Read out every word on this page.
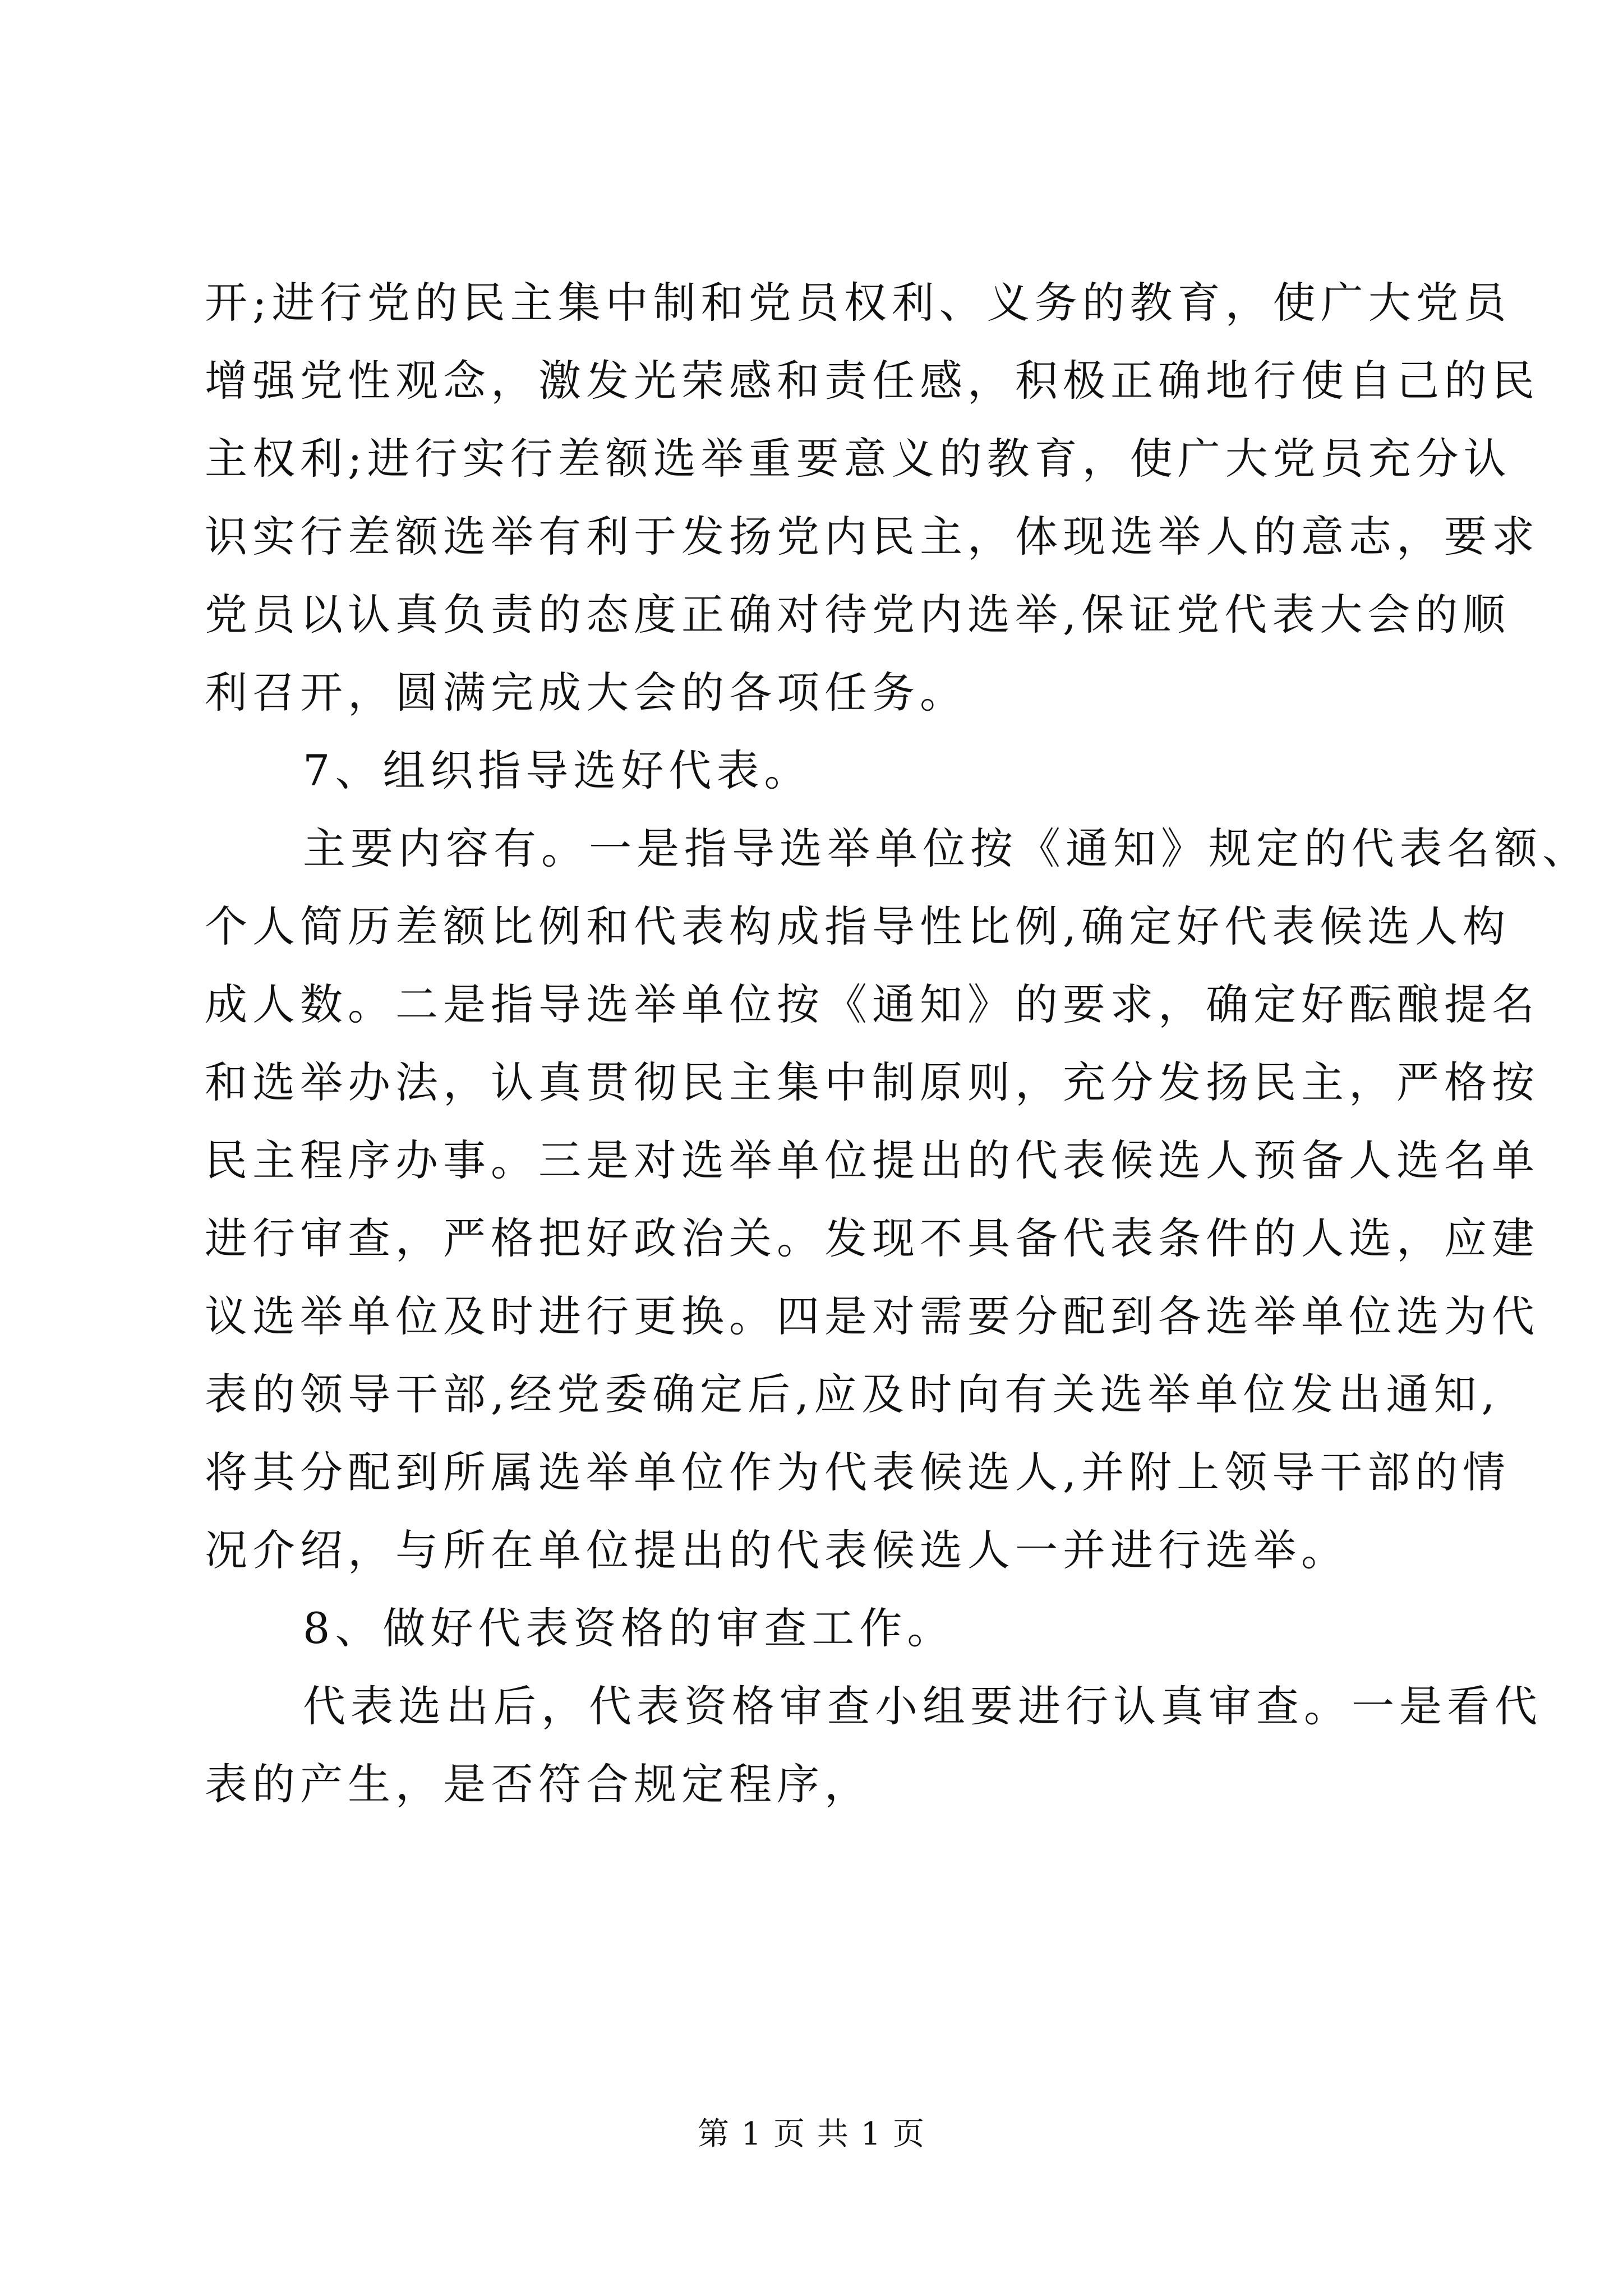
开;进行党的民主集中制和党员权利、义务的教育，使广大党员
增强党性观念，激发光荣感和责任感，积极正确地行使自己的民
主权利;进行实行差额选举重要意义的教育，使广大党员充分认
识实行差额选举有利于发扬党内民主，体现选举人的意志，要求
党员以认真负责的态度正确对待党内选举,保证党代表大会的顺
利召开，圆满完成大会的各项任务。
7、组织指导选好代表。
主要内容有。一是指导选举单位按《通知》规定的代表名额、
个人简历差额比例和代表构成指导性比例,确定好代表候选人构
成人数。二是指导选举单位按《通知》的要求，确定好酝酿提名
和选举办法，认真贯彻民主集中制原则，充分发扬民主，严格按
民主程序办事。三是对选举单位提出的代表候选人预备人选名单
进行审查，严格把好政治关。发现不具备代表条件的人选，应建
议选举单位及时进行更换。四是对需要分配到各选举单位选为代
表的领导干部,经党委确定后,应及时向有关选举单位发出通知,
将其分配到所属选举单位作为代表候选人,并附上领导干部的情
况介绍，与所在单位提出的代表候选人一并进行选举。
8、做好代表资格的审查工作。
代表选出后，代表资格审查小组要进行认真审查。一是看代
表的产生，是否符合规定程序，
第 1 页 共 1 页
